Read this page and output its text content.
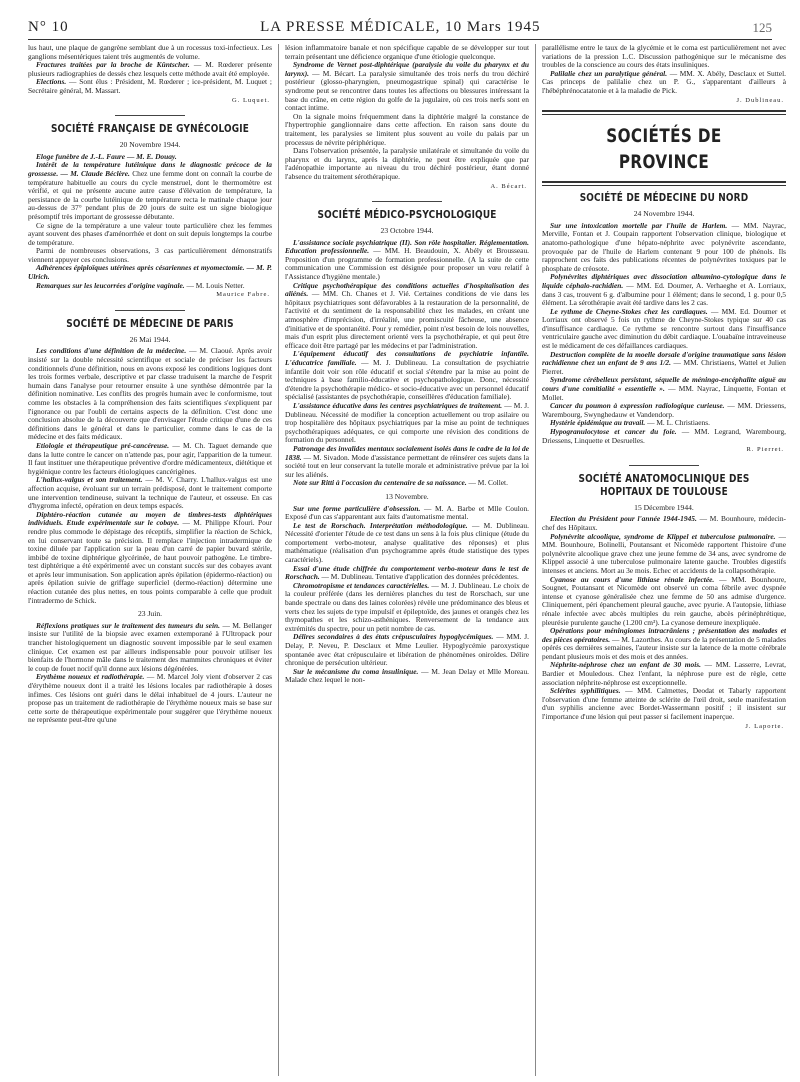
N° 10	LA PRESSE MÉDICALE, 10 Mars 1945	125

lus haut, une plaque de gangrène semblant due à un rocessus toxi-infectieux. Les ganglions mésentériques taient très augmentés de volume.

Fractures traitées par la broche de Küntscher. — M. Rœderer présente plusieurs radiographies de dessés chez lesquels cette méthode avait été employée.

Elections. — Sont élus : Président, M. Rœderer ; ice-président, M. Luquet ; Secrétaire général, M. Massart.

G. Luquet.

SOCIÉTÉ FRANÇAISE DE GYNÉCOLOGIE

20 Novembre 1944.

Eloge funèbre de J.-L. Faure — M. E. Douay.

Intérêt de la température lutéinique dans le diagnostic précoce de la grossesse. — M. Claude Béclère. Chez une femme dont on connaît la courbe de température habituelle au cours du cycle menstruel, dont le thermomètre est vérifié, et qui ne présente aucune autre cause d'élévation de température, la persistance de la courbe lutéinique de température recta le matinale chaque jour au-dessus de 37° pendant plus de 20 jours de suite est un signe biologique présomptif très important de grossesse débutante.

Ce signe de la température a une valeur toute particulière chez les femmes ayant souvent des phases d'aménorrhée et dont on suit depuis longtemps la courbe de température.

Parmi de nombreuses observations, 3 cas particulièrement démonstratifs viennent appuyer ces conclusions.

Adhérences épiploïques utérines après césariennes et myomectomie. — M. P. Ulrich.

Remarques sur les leucorrées d'origine vaginale. — M. Louis Netter.

Maurice Fabre.

SOCIÉTÉ DE MÉDECINE DE PARIS

26 Mai 1944.

Les conditions d'une définition de la médecine. — M. Claoué. Après avoir insisté sur la double nécessité scientifique et sociale de préciser les facteurs conditionnels d'une définition, nous en avons exposé les conditions logiques dont les trois formes verbale, descriptive et par classe traduisent la marche de l'esprit humain dans l'analyse pour retourner ensuite à une synthèse démontrée par la définition nominative. Les conflits des progrès humain avec le conformisme, tout comme les obstacles à la compréhension des faits scientifiques s'expliquent par l'ignorance ou par l'oubli de certains aspects de la définition. C'est donc une conclusion absolue de la découverte que d'envisager l'étude critique d'une de ces définitions dans le général et dans le particulier, comme dans le cas de la médecine et des faits médicaux.

Etiologie et thérapeutique pré-cancéreuse. — M. Ch. Taguet demande que dans la lutte contre le cancer on n'attende pas, pour agir, l'apparition de la tumeur. Il faut instituer une thérapeutique préventive d'ordre médicamenteux, diététique et hygiénique contre les facteurs étiologiques cancérigènes.

L'hallux-valgus et son traitement. — M. V. Charry. L'hallux-valgus est une affection acquise, évoluant sur un terrain prédisposé, dont le traitement comporte une intervention tendineuse, suivant la technique de l'auteur, et osseuse. En cas d'hygroma infecté, opération en deux temps espacés.

Diphtéro-réaction cutanée au moyen de timbres-tests diphtériques individuels. Etude expérimentale sur le cobaye. — M. Philippe Kfouri. Pour rendre plus commode le dépistage des réceptifs, simplifier la réaction de Schick, en lui conservant toute sa précision. Il remplace l'injection intradermique de toxine diluée par l'application sur la peau d'un carré de papier buvard stérile, imbibé de toxine diphtérique glycérinée, de haut pouvoir pathogène. Le timbre-test diphtérique a été expérimenté avec un constant succès sur des cobayes avant et après leur immunisation. Son application après épilation (épidermo-réaction) ou après épilation suivie de griffage superficiel (dermo-réaction) détermine une réaction cutanée des plus nettes, en tous points comparable à celle que produit l'intradermo de Schick.

23 Juin.

Réflexions pratiques sur le traitement des tumeurs du sein. — M. Bellanger insiste sur l'utilité de la biopsie avec examen extemporané à l'Ultropack pour trancher histologiquement un diagnostic souvent impossible par le seul examen clinique. Cet examen est par ailleurs indispensable pour pouvoir utiliser les bienfaits de l'hormone mâle dans le traitement des mammites chroniques et éviter le coup de fouet nocif qu'il donne aux lésions dégénérées.

Erythème noueux et radiothérapie. — M. Marcel Joly vient d'observer 2 cas d'érythème noueux dont il a traité les lésions locales par radiothérapie à doses infimes. Ces lésions ont guéri dans le délai inhabituel de 4 jours. L'auteur ne propose pas un traitement de radiothérapie de l'érythème noueux mais se base sur cette sorte de thérapeutique expérimentale pour suggérer que l'érythème noueux ne représente peut-être qu'une

lésion inflammatoire banale et non spécifique capable de se développer sur tout terrain présentant une déficience organique d'une étiologie quelconque.

Syndrome de Vernet post-diphtérique (paralysie du voile du pharynx et du larynx). — M. Bécart. La paralysie simultanée des trois nerfs du trou déchiré postérieur (glosso-pharyngien, pneumogastrique spinal) qui caractérise le syndrome peut se rencontrer dans toutes les affections ou blessures intéressant la base du crâne, en cette région du golfe de la jugulaire, où ces trois nerfs sont en contact intime.

On la signale moins fréquemment dans la diphtérie malgré la constance de l'hypertrophie ganglionnaire dans cette affection. En raison sans doute du traitement, les paralysies se limitent plus souvent au voile du palais par un processus de névrite périphérique.

Dans l'observation présentée, la paralysie unilatérale et simultanée du voile du pharynx et du larynx, après la diphtérie, ne peut être expliquée que par l'adénopathie importante au niveau du trou déchiré postérieur, étant donné l'absence du traitement sérothérapique.

A. Bécart.

SOCIÉTÉ MÉDICO-PSYCHOLOGIQUE

23 Octobre 1944.

L'assistance sociale psychiatrique (II). Son rôle hospitalier. Réglementation. Education professionnelle. — MM. H. Beaudouin, X. Abély et Brousseau. Proposition d'un programme de formation professionnelle. (A la suite de cette communication une Commission est désignée pour proposer un vœu relatif à l'Assistance d'hygiène mentale.)

Critique psychothérapique des conditions actuelles d'hospitalisation des aliénés. — MM. Ch. Chanes et J. Vié. Certaines conditions de vie dans les hôpitaux psychiatriques sont défavorables à la restauration de la personnalité, de l'activité et du sentiment de la responsabilité chez les malades, en créant une atmosphère d'imprécision, d'irréalité, une promiscuité fâcheuse, une absence d'initiative et de spontanéité. Pour y remédier, point n'est besoin de lois nouvelles, mais d'un esprit plus directement orienté vers la psychothérapie, et qui peut être efficace doit être partagé par les médecins et par l'administration.

L'équipement éducatif des consultations de psychiatrie infantile. L'éducatrice familiale. — M. J. Dublineau. La consultation de psychiatrie infantile doit voir son rôle éducatif et social s'étendre par la mise au point de techniques à base familio-éducative et psychopathologique. Donc, nécessité d'étendre la psychothérapie médico- et socio-éducative avec un personnel éducatif spécialisé (assistantes de psychothérapie, conseillères d'éducation familiale).

L'assistance éducative dans les centres psychiatriques de traitement. — M. J. Dublineau. Nécessité de modifier la conception actuellement ou trop asilaire ou trop hospitalière des hôpitaux psychiatriques par la mise au point de techniques psychothérapiques adéquates, ce qui comporte une révision des conditions de formation du personnel.

Patronage des invalides mentaux socialement isolés dans le cadre de la loi de 1838. — M. Sivadon. Mode d'assistance permettant de réinsérer ces sujets dans la société tout en leur conservant la tutelle morale et administrative prévue par la loi sur les aliénés.

Note sur Ritti à l'occasion du centenaire de sa naissance. — M. Collet.

13 Novembre.

Sur une forme particulière d'obsession. — M. A. Barbe et Mlle Coulon. Exposé d'un cas s'apparentant aux faits d'automatisme mental.

Le test de Rorschach. Interprétation méthodologique. — M. Dublineau. Nécessité d'orienter l'étude de ce test dans un sens à la fois plus clinique (étude du comportement verbo-moteur, analyse qualitative des réponses) et plus mathématique (réalisation d'un psychogramme après étude statistique des types caractériels).

Essai d'une étude chiffrée du comportement verbo-moteur dans le test de Rorschach. — M. Dublineau. Tentative d'application des données précédentes.

Chromotropisme et tendances caractérielles. — M. J. Dublineau. Le choix de la couleur préférée (dans les dernières planches du test de Rorschach, sur une bande spectrale ou dans des laines colorées) révèle une prédominance des bleus et verts chez les sujets de type impulsif et épileptoïde, des jaunes et orangés chez les thymopathes et les schizo-asthéniques. Renversement de la tendance aux extrémités du spectre, pour un petit nombre de cas.

Délires secondaires à des états crépusculaires hypoglycémiques. — MM. J. Delay, P. Neveu, P. Desclaux et Mme Leulier. Hypoglycémie paroxystique spontanée avec état crépusculaire et libération de phénomènes oniroïdes. Délire chronique de persécution ultérieur.

Sur le mécanisme du coma insulinique. — M. Jean Delay et Mlle Moreau. Malade chez lequel le non-

parallélisme entre le taux de la glycémie et le coma est particulièrement net avec variations de la pression L.C. Discussion pathogénique sur le mécanisme des troubles de la conscience au cours des états insuliniques.

Palilalie chez un paralytique général. — MM. X. Abély, Desclaux et Suttel. Cas princeps de palilalie chez un P. G., s'apparentant d'ailleurs à l'hébéphrénocatatonie et à la maladie de Pick.

J. Dublineau.

SOCIÉTÉS DE PROVINCE

SOCIÉTÉ DE MÉDECINE DU NORD

24 Novembre 1944.

Sur une intoxication mortelle par l'huile de Harlem. — MM. Nayrac, Merville, Fontan et J. Coupain rapportent l'observation clinique, biologique et anatomo-pathologique d'une hépato-néphrite avec polynévrite ascendante, provoquée par de l'huile de Harlem contenant 9 pour 100 de phénols. Ils rapprochent ces faits des publications récentes de polynévrites toxiques par le phosphate de créosote.

Polynévrites diphtériques avec dissociation albumino-cytologique dans le liquide céphalo-rachidien. — MM. Ed. Doumer, A. Verhaeghe et A. Lorriaux, dans 3 cas, trouvent 6 g. d'albumine pour 1 élément; dans le second, 1 g. pour 0,5 élément. La sérothérapie avait été tardive dans les 2 cas.

Le rythme de Cheyne-Stokes chez les cardiaques. — MM. Ed. Doumer et Lorriaux ont observé 5 fois un rythme de Cheyne-Stokes typique sur 40 cas d'insuffisance cardiaque. Ce rythme se rencontre surtout dans l'insuffisance ventriculaire gauche avec diminution du débit cardiaque. L'ouabaïne intraveineuse est le médicament de ces défaillances cardiaques.

Destruction complète de la moelle dorsale d'origine traumatique sans lésion rachidienne chez un enfant de 9 ans 1/2. — MM. Christiaens, Wattel et Julien Pierret.

Syndrome cérébelleux persistant, séquelle de méningo-encéphalite aiguë au cours d'une comitialité « essentielle ». — MM. Nayrac, Linquette, Fontan et Mollet.

Cancer du poumon à expression radiologique curieuse. — MM. Driessens, Warembourg, Swynghedauw et Vandendorp.

Hystérie épidémique au travail. — M. L. Christiaens.

Hypogranulocytose et cancer du foie. — MM. Legrand, Warembourg, Driessens, Linquette et Desruelles.

R. Pierret.

SOCIÉTÉ ANATOMOCLINIQUE DES HOPITAUX DE TOULOUSE

15 Décembre 1944.

Election du Président pour l'année 1944-1945. — M. Bounhoure, médecin-chef des Hôpitaux.

Polynévrite alcoolique, syndrome de Klippel et tuberculose pulmonaire. — MM. Bounhoure, Bolinelli, Poutansant et Nicomède rapportent l'histoire d'une polynévrite alcoolique grave chez une jeune femme de 34 ans, avec syndrome de Klippel associé à une tuberculose pulmonaire latente gauche. Troubles digestifs intenses et anciens. Mort au 3e mois. Echec et accidents de la collapsothérapie.

Cyanose au cours d'une lithiase rénale infectée. — MM. Bounhoure, Sougnet, Poutansant et Nicomède ont observé un coma fébrile avec dyspnée intense et cyanose généralisée chez une femme de 50 ans admise d'urgence. Cliniquement, péri épanchement pleural gauche, avec pyurie. A l'autopsie, lithiase rénale infectée avec abcès multiples du rein gauche, abcès périnéphrétique, pleurésie purulente gauche (1.200 cm³). La cyanose demeure inexpliquée.

Opérations pour méningiomes intracrâniens ; présentation des malades et des pièces opératoires. — M. Lazorthes. Au cours de la présentation de 5 malades opérés ces dernières semaines, l'auteur insiste sur la latence de la motte cérébrale pendant plusieurs mois et des mois et des années.

Néphrite-néphrose chez un enfant de 30 mois. — MM. Lasserre, Levrat, Bardier et Mouledous. Chez l'enfant, la néphrose pure est de règle, cette association néphrite-néphrose est exceptionnelle.

Sclérites syphilitiques. — MM. Calmettes, Deodat et Tabarly rapportent l'observation d'une femme atteinte de sclérite de l'œil droit, seule manifestation d'un syphilis ancienne avec Bordet-Wassermann positif ; il insistent sur l'importance d'une lésion qui peut passer si facilement inaperçue.

J. Laporte.
